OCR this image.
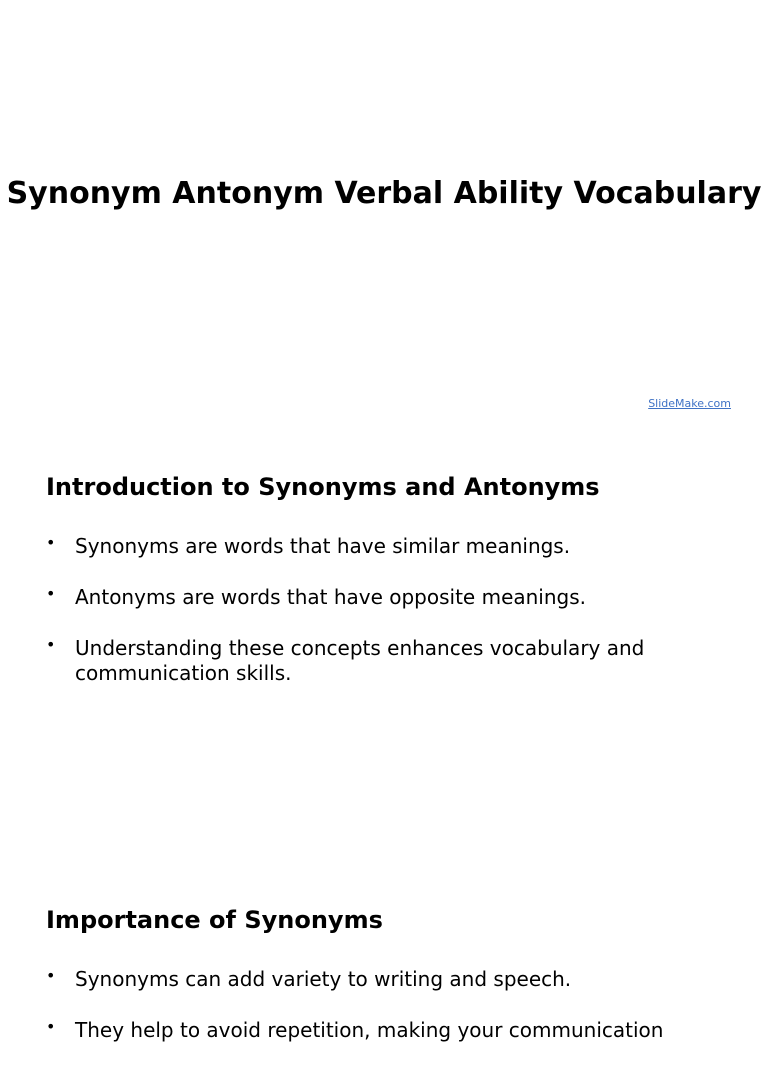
Synonym Antonym Verbal Ability Vocabulary
SlideMake.com
Introduction to Synonyms and Antonyms
• Synonyms are words that have similar meanings.
• Antonyms are words that have opposite meanings.
• Understanding these concepts enhances vocabulary and communication skills.
Importance of Synonyms
• Synonyms can add variety to writing and speech.
• They help to avoid repetition, making your communication
